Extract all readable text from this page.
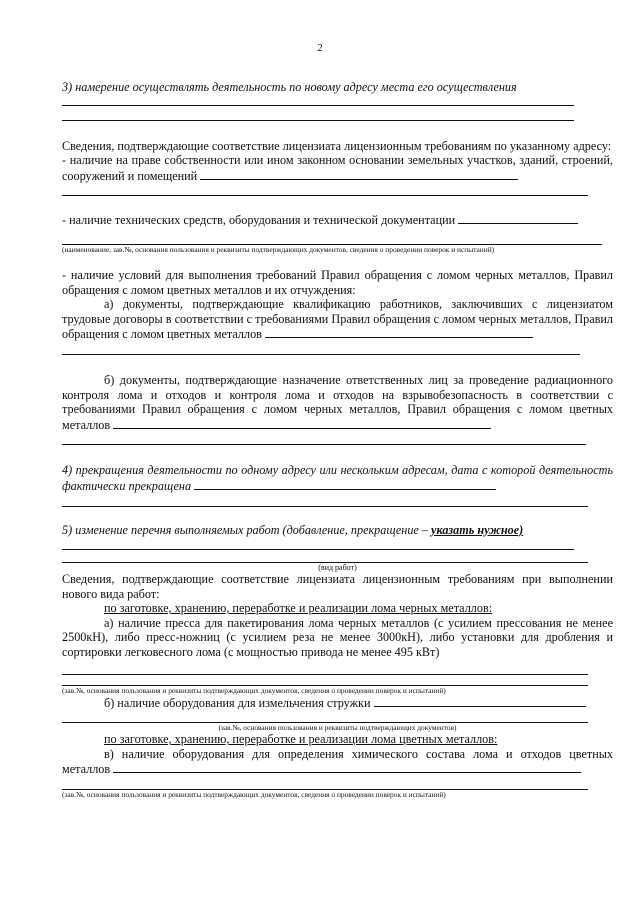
2

3) намерение осуществлять деятельность по новому адресу места его осуществления

Сведения, подтверждающие соответствие лицензиата лицензионным требованиям по указанному адресу:

- наличие на праве собственности или ином законном основании земельных участков, зданий, строений, сооружений и помещений

- наличие технических средств, оборудования и технической документации

(наименование, зав.№, основания пользования и реквизиты подтверждающих документов, сведения о проведении поверок и испытаний)

- наличие условий для выполнения требований Правил обращения с ломом черных металлов, Правил обращения с ломом цветных металлов и их отчуждения:

а) документы, подтверждающие квалификацию работников, заключивших с лицензиатом трудовые договоры в соответствии с требованиями Правил обращения с ломом черных металлов, Правил обращения с ломом цветных металлов

б) документы, подтверждающие назначение ответственных лиц за проведение радиационного контроля лома и отходов и контроля лома и отходов на взрывобезопасность в соответствии с требованиями Правил обращения с ломом черных металлов, Правил обращения с ломом цветных металлов

4) прекращения деятельности по одному адресу или нескольким адресам, дата с которой деятельность фактически прекращена

5) изменение перечня выполняемых работ (добавление, прекращение – указать нужное)

(вид работ)

Сведения, подтверждающие соответствие лицензиата лицензионным требованиям при выполнении нового вида работ:

по заготовке, хранению, переработке и реализации лома черных металлов:

а) наличие пресса для пакетирования лома черных металлов (с усилием прессования не менее 2500кН), либо пресс-ножниц (с усилием реза не менее 3000кН), либо установки для дробления и сортировки легковесного лома (с мощностью привода не менее 495 кВт)

(зав.№, основания пользования и реквизиты подтверждающих документов, сведения о проведении поверок и испытаний)

б) наличие оборудования для измельчения стружки

(зав.№, основания пользования и реквизиты подтверждающих документов)

по заготовке, хранению, переработке и реализации лома цветных металлов:

в) наличие оборудования для определения химического состава лома и отходов цветных металлов

(зав.№, основания пользования и реквизиты подтверждающих документов, сведения о проведении поверок и испытаний)
